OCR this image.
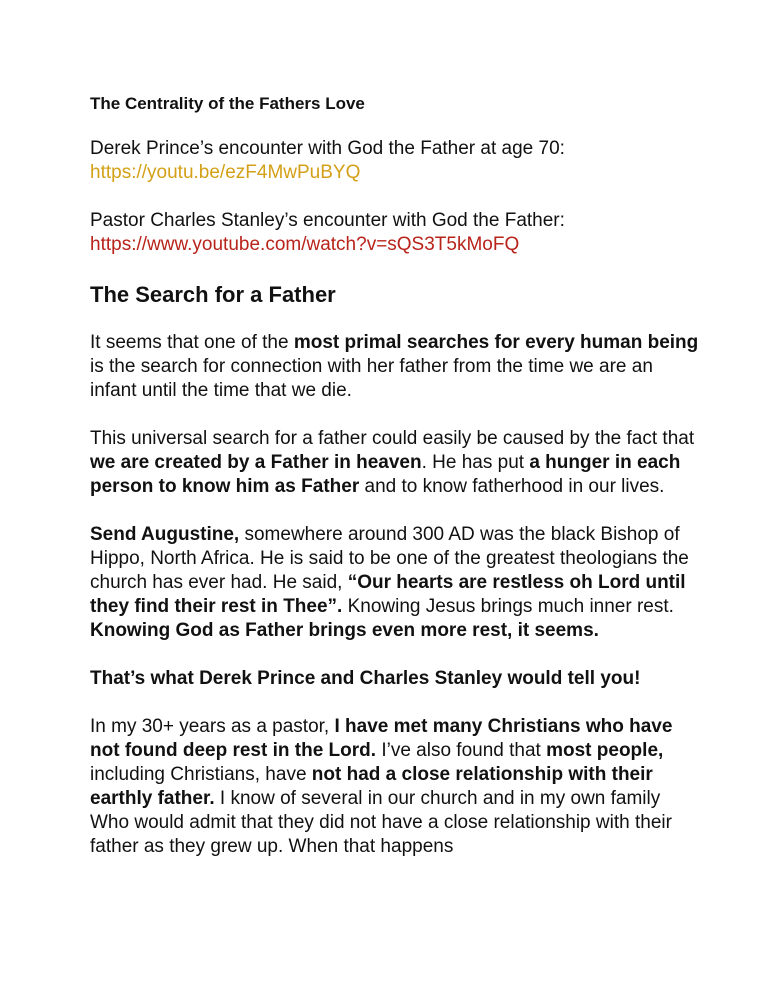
The Centrality of the Fathers Love
Derek Prince’s encounter with God the Father at age 70: https://youtu.be/ezF4MwPuBYQ
Pastor Charles Stanley’s encounter with God the Father: https://www.youtube.com/watch?v=sQS3T5kMoFQ
The Search for a Father
It seems that one of the most primal searches for every human being is the search for connection with her father from the time we are an infant until the time that we die.
This universal search for a father could easily be caused by the fact that we are created by a Father in heaven. He has put a hunger in each person to know him as Father and to know fatherhood in our lives.
Send Augustine, somewhere around 300 AD was the black Bishop of Hippo, North Africa. He is said to be one of the greatest theologians the church has ever had. He said, “Our hearts are restless oh Lord until they find their rest in Thee”. Knowing Jesus brings much inner rest. Knowing God as Father brings even more rest, it seems.
That’s what Derek Prince and Charles Stanley would tell you!
In my 30+ years as a pastor, I have met many Christians who have not found deep rest in the Lord. I’ve also found that most people, including Christians, have not had a close relationship with their earthly father. I know of several in our church and in my own family Who would admit that they did not have a close relationship with their father as they grew up. When that happens
